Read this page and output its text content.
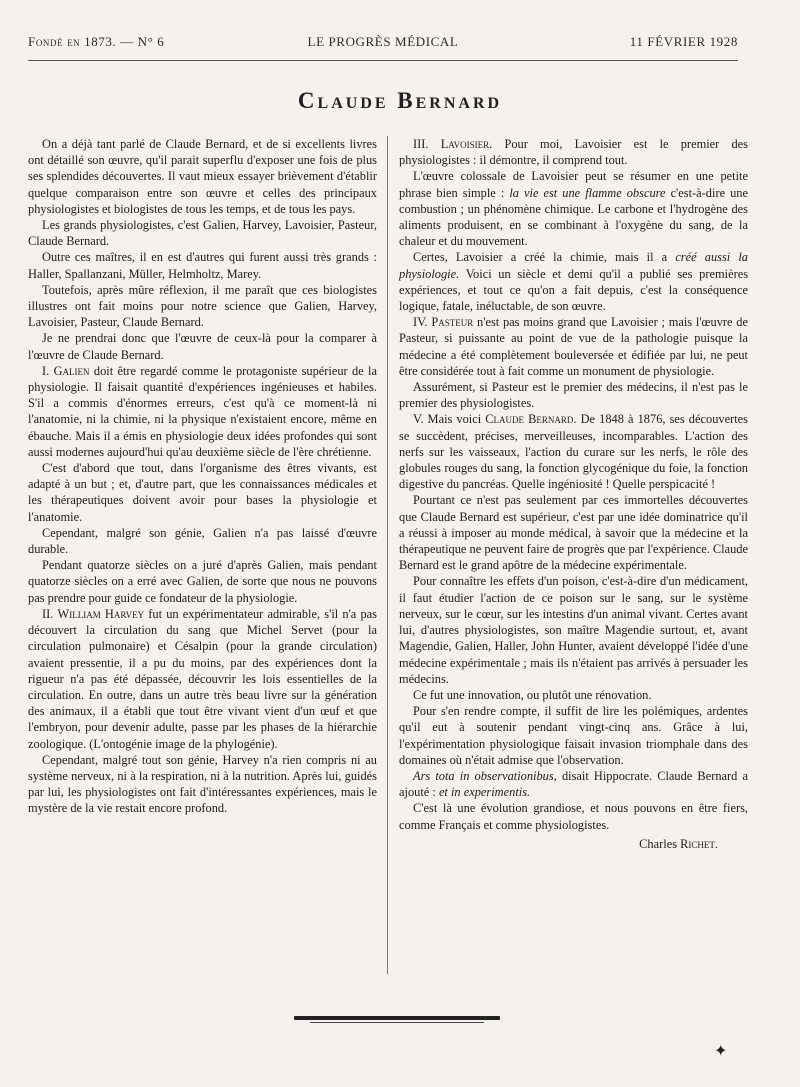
Fondé en 1873. — N° 6	LE PROGRÈS MÉDICAL	11 FÉVRIER 1928
Claude Bernard

On a déjà tant parlé de Claude Bernard, et de si excellents livres ont détaillé son œuvre, qu'il parait superflu d'exposer une fois de plus ses splendides découvertes. Il vaut mieux essayer brièvement d'établir quelque comparaison entre son œuvre et celles des principaux physiologistes et biologistes de tous les temps, et de tous les pays.

Les grands physiologistes, c'est Galien, Harvey, Lavoisier, Pasteur, Claude Bernard.

Outre ces maîtres, il en est d'autres qui furent aussi très grands : Haller, Spallanzani, Müller, Helmholtz, Marey.

Toutefois, après mûre réflexion, il me paraît que ces biologistes illustres ont fait moins pour notre science que Galien, Harvey, Lavoisier, Pasteur, Claude Bernard.

Je ne prendrai donc que l'œuvre de ceux-là pour la comparer à l'œuvre de Claude Bernard.

I. Galien doit être regardé comme le protagoniste supérieur de la physiologie. Il faisait quantité d'expériences ingénieuses et habiles. S'il a commis d'énormes erreurs, c'est qu'à ce moment-là ni l'anatomie, ni la chimie, ni la physique n'existaient encore, même en ébauche. Mais il a émis en physiologie deux idées profondes qui sont aussi modernes aujourd'hui qu'au deuxième siècle de l'ère chrétienne.

C'est d'abord que tout, dans l'organisme des êtres vivants, est adapté à un but ; et, d'autre part, que les connaissances médicales et les thérapeutiques doivent avoir pour bases la physiologie et l'anatomie.

Cependant, malgré son génie, Galien n'a pas laissé d'œuvre durable.

Pendant quatorze siècles on a juré d'après Galien, mais pendant quatorze siècles on a erré avec Galien, de sorte que nous ne pouvons pas prendre pour guide ce fondateur de la physiologie.

II. William Harvey fut un expérimentateur admirable, s'il n'a pas découvert la circulation du sang que Michel Servet (pour la circulation pulmonaire) et Césalpin (pour la grande circulation) avaient pressentie, il a pu du moins, par des expériences dont la rigueur n'a pas été dépassée, découvrir les lois essentielles de la circulation. En outre, dans un autre très beau livre sur la génération des animaux, il a établi que tout être vivant vient d'un œuf et que l'embryon, pour devenir adulte, passe par les phases de la hiérarchie zoologique. (L'ontogénie image de la phylogénie).

Cependant, malgré tout son génie, Harvey n'a rien compris ni au système nerveux, ni à la respiration, ni à la nutrition. Après lui, guidés par lui, les physiologistes ont fait d'intéressantes expériences, mais le mystère de la vie restait encore profond.

III. Lavoisier. Pour moi, Lavoisier est le premier des physiologistes : il démontre, il comprend tout.

L'œuvre colossale de Lavoisier peut se résumer en une petite phrase bien simple : la vie est une flamme obscure c'est-à-dire une combustion ; un phénomène chimique. Le carbone et l'hydrogène des aliments produisent, en se combinant à l'oxygène du sang, de la chaleur et du mouvement.

Certes, Lavoisier a créé la chimie, mais il a créé aussi la physiologie. Voici un siècle et demi qu'il a publié ses premières expériences, et tout ce qu'on a fait depuis, c'est la conséquence logique, fatale, inéluctable, de son œuvre.

IV. Pasteur n'est pas moins grand que Lavoisier ; mais l'œuvre de Pasteur, si puissante au point de vue de la pathologie puisque la médecine a été complètement bouleversée et édifiée par lui, ne peut être considérée tout à fait comme un monument de physiologie.

Assurément, si Pasteur est le premier des médecins, il n'est pas le premier des physiologistes.

V. Mais voici Claude Bernard. De 1848 à 1876, ses découvertes se succèdent, précises, merveilleuses, incomparables. L'action des nerfs sur les vaisseaux, l'action du curare sur les nerfs, le rôle des globules rouges du sang, la fonction glycogénique du foie, la fonction digestive du pancréas. Quelle ingéniosité ! Quelle perspicacité !

Pourtant ce n'est pas seulement par ces immortelles découvertes que Claude Bernard est supérieur, c'est par une idée dominatrice qu'il a réussi à imposer au monde médical, à savoir que la médecine et la thérapeutique ne peuvent faire de progrès que par l'expérience. Claude Bernard est le grand apôtre de la médecine expérimentale.

Pour connaître les effets d'un poison, c'est-à-dire d'un médicament, il faut étudier l'action de ce poison sur le sang, sur le système nerveux, sur le cœur, sur les intestins d'un animal vivant. Certes avant lui, d'autres physiologistes, son maître Magendie surtout, et, avant Magendie, Galien, Haller, John Hunter, avaient développé l'idée d'une médecine expérimentale ; mais ils n'étaient pas arrivés à persuader les médecins.

Ce fut une innovation, ou plutôt une rénovation.

Pour s'en rendre compte, il suffit de lire les polémiques, ardentes qu'il eut à soutenir pendant vingt-cinq ans. Grâce à lui, l'expérimentation physiologique faisait invasion triomphale dans des domaines où n'était admise que l'observation.

Ars tota in observationibus, disait Hippocrate. Claude Bernard a ajouté : et in experimentis.

C'est là une évolution grandiose, et nous pouvons en être fiers, comme Français et comme physiologistes.

Charles Richet.

✦
